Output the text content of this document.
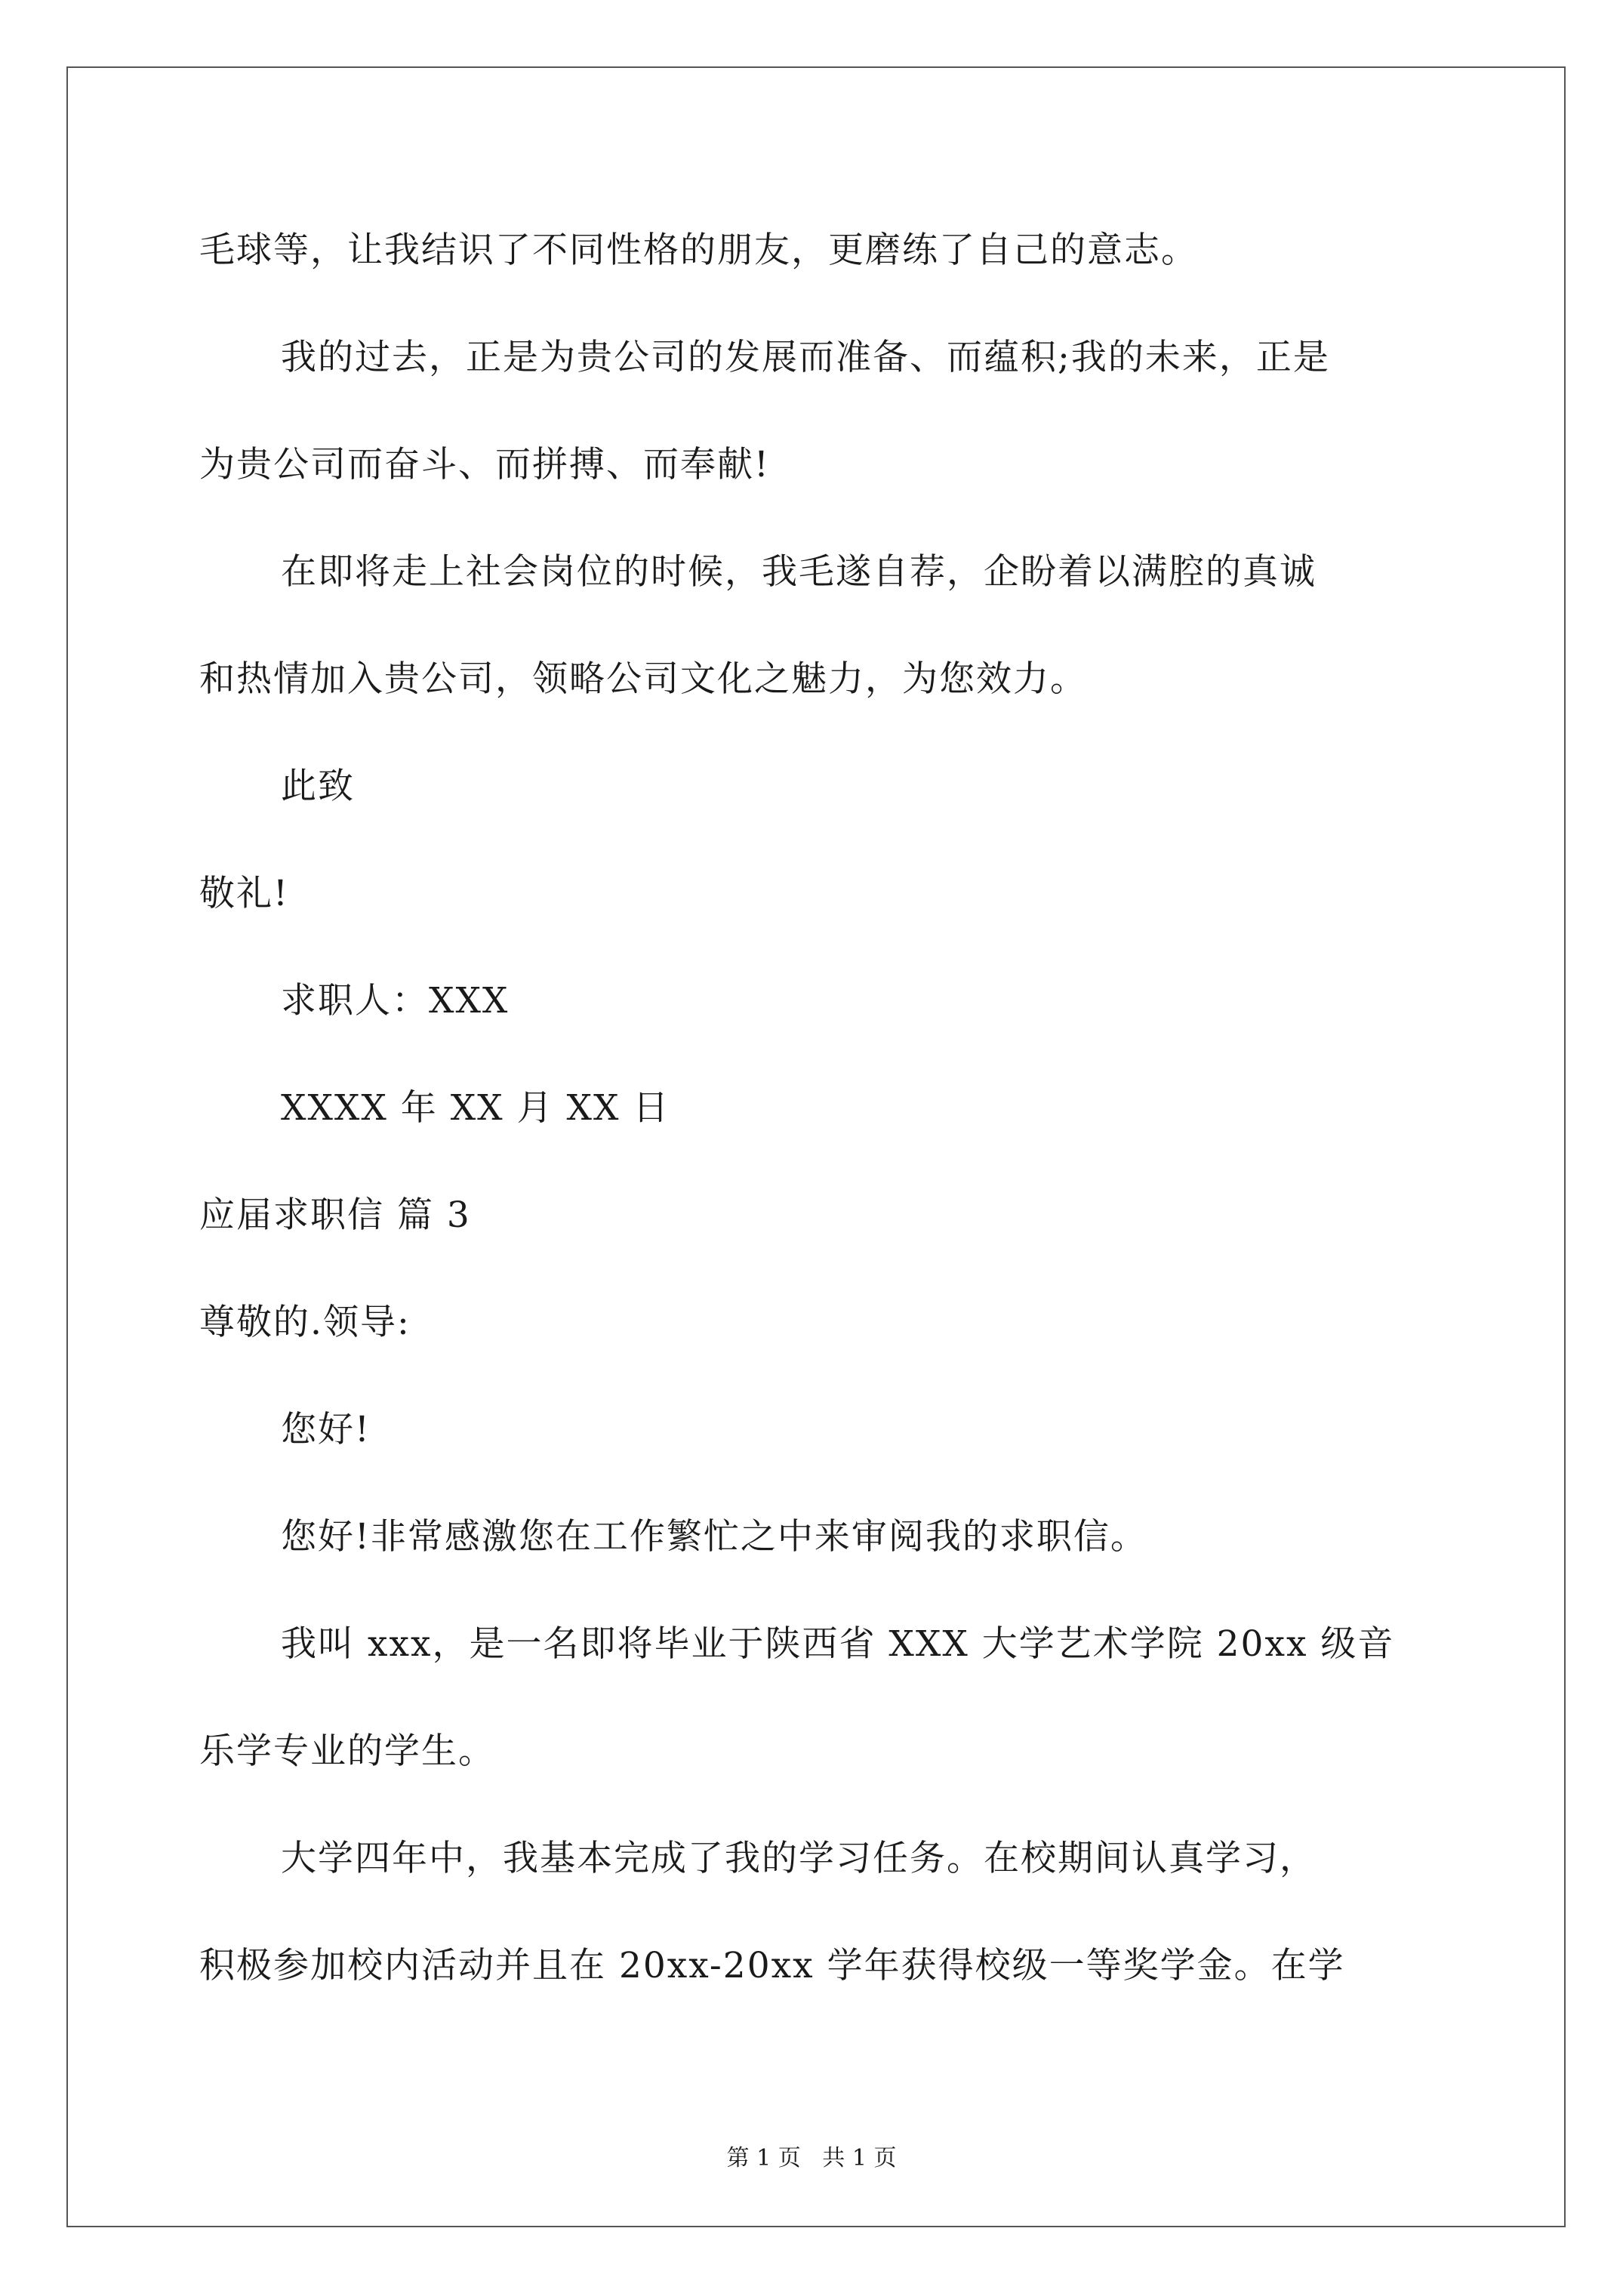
毛球等，让我结识了不同性格的朋友，更磨练了自己的意志。
我的过去，正是为贵公司的发展而准备、而蕴积;我的未来，正是
为贵公司而奋斗、而拼搏、而奉献!
在即将走上社会岗位的时候，我毛遂自荐，企盼着以满腔的真诚
和热情加入贵公司，领略公司文化之魅力，为您效力。
此致
敬礼!
求职人：XXX
XXXX 年 XX 月 XX 日
应届求职信 篇 3
尊敬的.领导:
您好!
您好!非常感激您在工作繁忙之中来审阅我的求职信。
我叫 xxx，是一名即将毕业于陕西省 XXX 大学艺术学院 20xx 级音
乐学专业的学生。
大学四年中，我基本完成了我的学习任务。在校期间认真学习，
积极参加校内活动并且在 20xx-20xx 学年获得校级一等奖学金。在学
第 1 页   共 1 页
